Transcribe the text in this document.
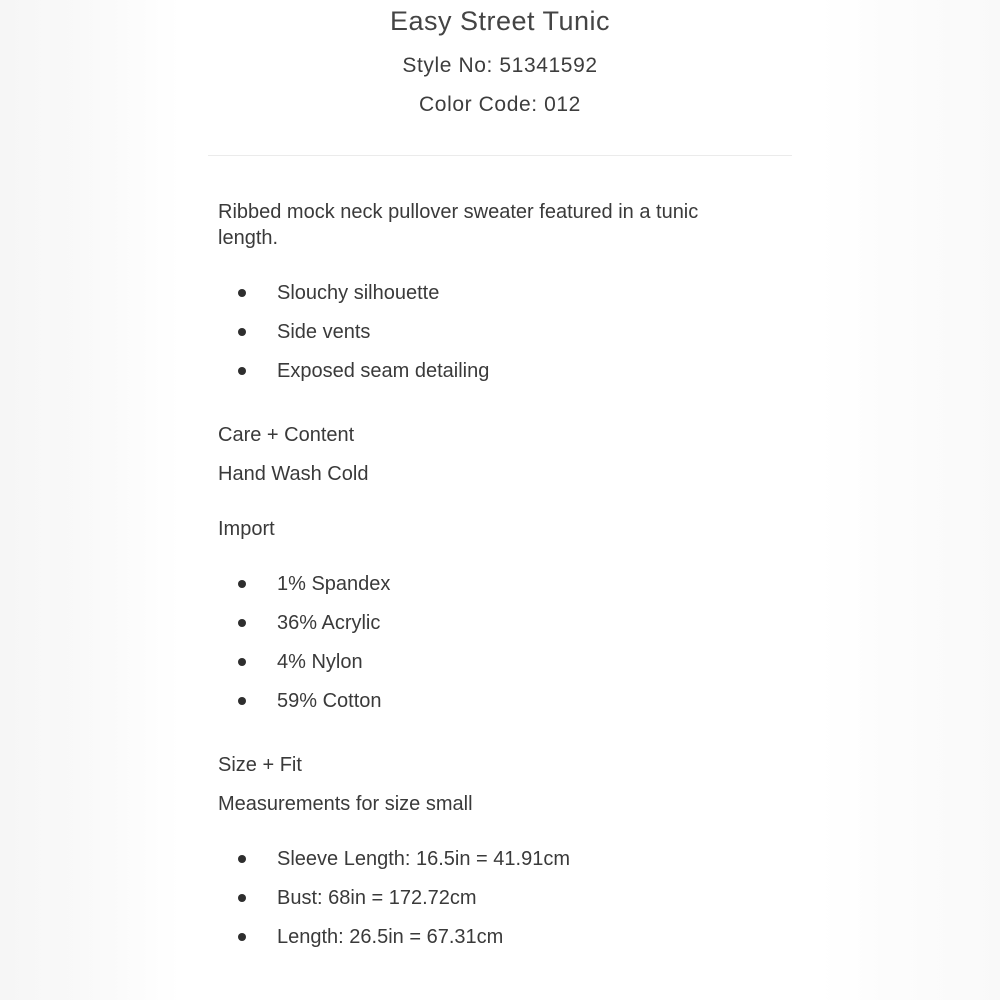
Easy Street Tunic
Style No: 51341592
Color Code: 012

Ribbed mock neck pullover sweater featured in a tunic length.

Slouchy silhouette
Side vents
Exposed seam detailing
Care + Content
Hand Wash Cold
Import
1% Spandex
36% Acrylic
4% Nylon
59% Cotton
Size + Fit
Measurements for size small
Sleeve Length: 16.5in = 41.91cm
Bust: 68in = 172.72cm
Length: 26.5in = 67.31cm
